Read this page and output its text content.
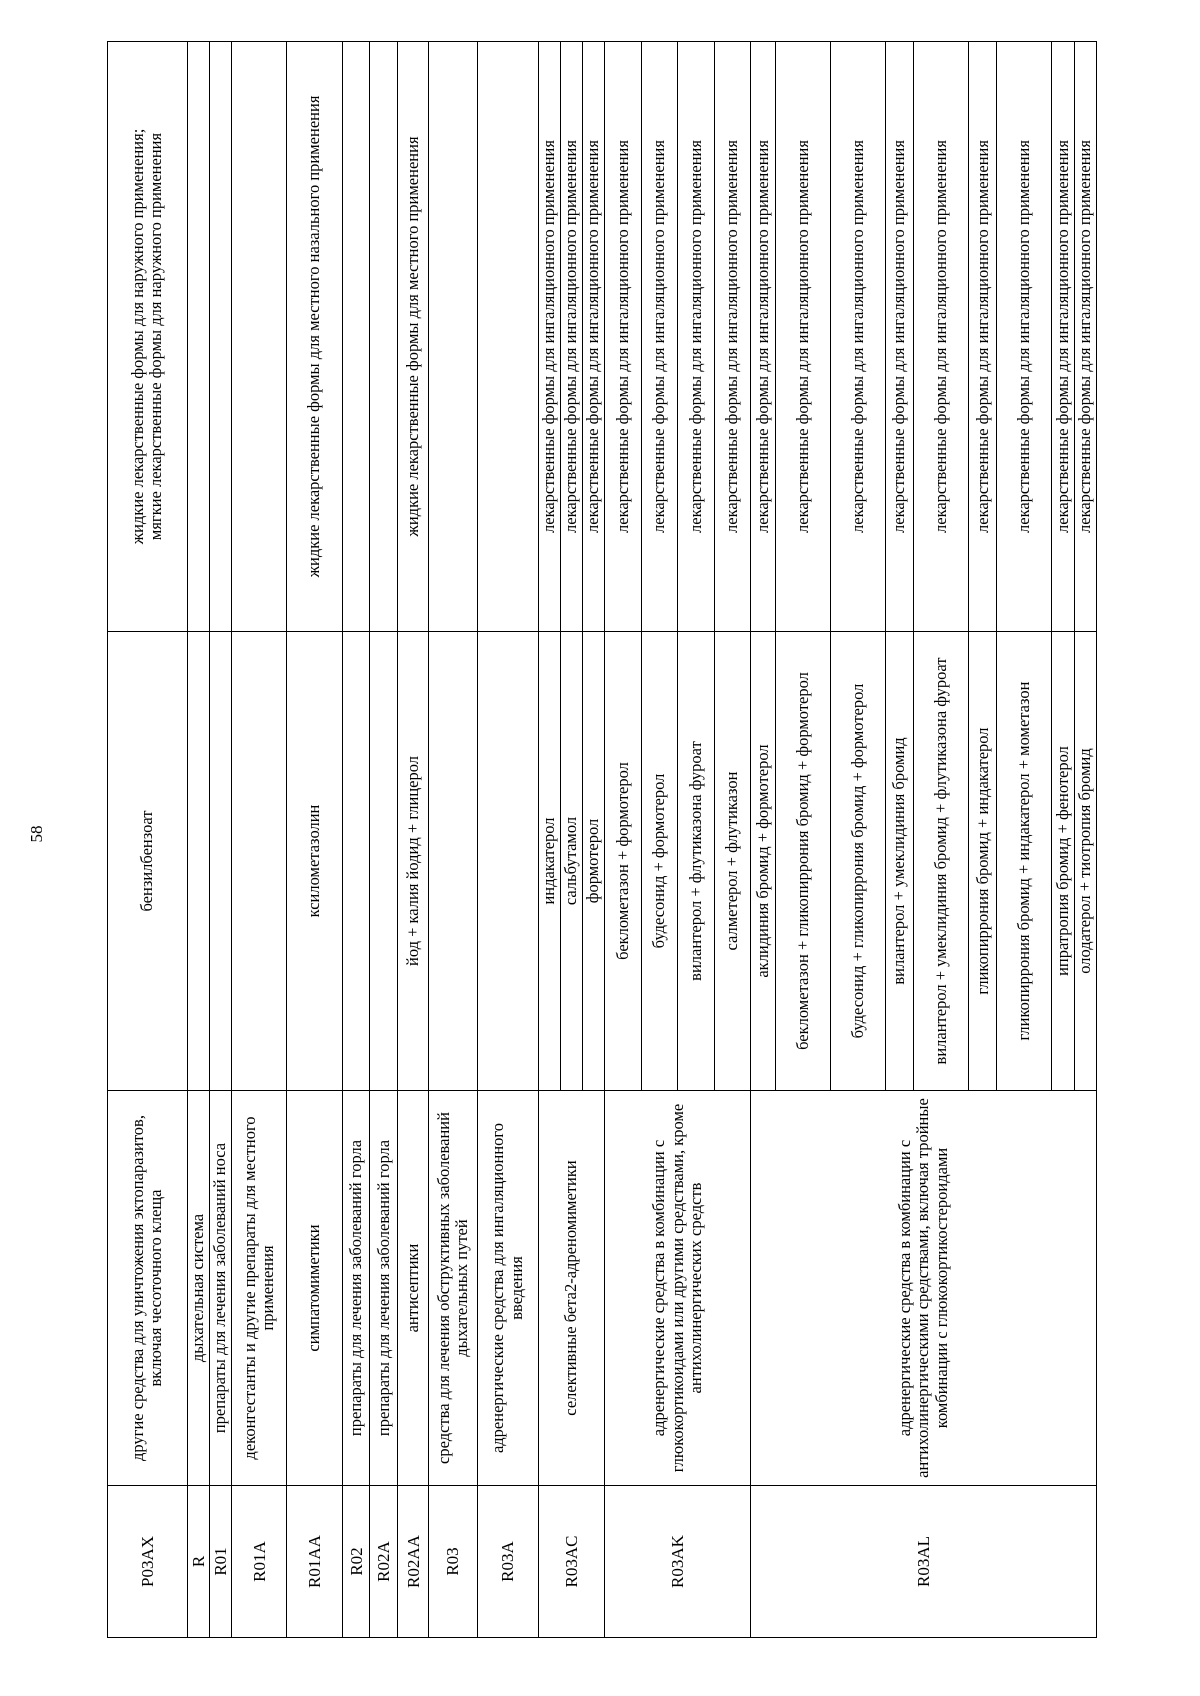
58
P03AX	другие средства для уничтожения эктопаразитов, включая чесоточного клеща	бензилбензоат	жидкие лекарственные формы для наружного применения; мягкие лекарственные формы для наружного применения

R	дыхательная система		
R01	препараты для лечения заболеваний носа		
R01A	деконгестанты и другие препараты для местного применения		
R01AA	симпатомиметики	ксилометазолин	жидкие лекарственные формы для местного назального применения
R02	препараты для лечения заболеваний горла		
R02A	препараты для лечения заболеваний горла		
R02AA	антисептики	йод + калия йодид + глицерол	жидкие лекарственные формы для местного применения
R03	средства для лечения обструктивных заболеваний дыхательных путей		
R03A	адренергические средства для ингаляционного введения		
R03AC	селективные бета2-адреномиметики	индакатерол	лекарственные формы для ингаляционного применения
		сальбутамол	лекарственные формы для ингаляционного применения
		формотерол	лекарственные формы для ингаляционного применения
R03AK	адренергические средства в комбинации с глюкокортикоидами или другими средствами, кроме антихолинергических средств	беклометазон + формотерол	лекарственные формы для ингаляционного применения
		будесонид + формотерол	лекарственные формы для ингаляционного применения
		вилантерол + флутиказона фуроат	лекарственные формы для ингаляционного применения
		салметерол + флутиказон	лекарственные формы для ингаляционного применения
R03AL	адренергические средства в комбинации с антихолинергическими средствами, включая тройные комбинации с глюкокортикостероидами	аклидиния бромид + формотерол	лекарственные формы для ингаляционного применения
		беклометазон + гликопиррония бромид + формотерол	лекарственные формы для ингаляционного применения
		будесонид + гликопиррония бромид + формотерол	лекарственные формы для ингаляционного применения
		вилантерол + умеклидиния бромид	лекарственные формы для ингаляционного применения
		вилантерол + умеклидиния бромид + флутиказона фуроат	лекарственные формы для ингаляционного применения
		гликопиррония бромид + индакатерол	лекарственные формы для ингаляционного применения
		гликопиррония бромид + индакатерол + мометазон	лекарственные формы для ингаляционного применения
		ипратропия бромид + фенотерол	лекарственные формы для ингаляционного применения
		олодатерол + тиотропия бромид	лекарственные формы для ингаляционного применения
